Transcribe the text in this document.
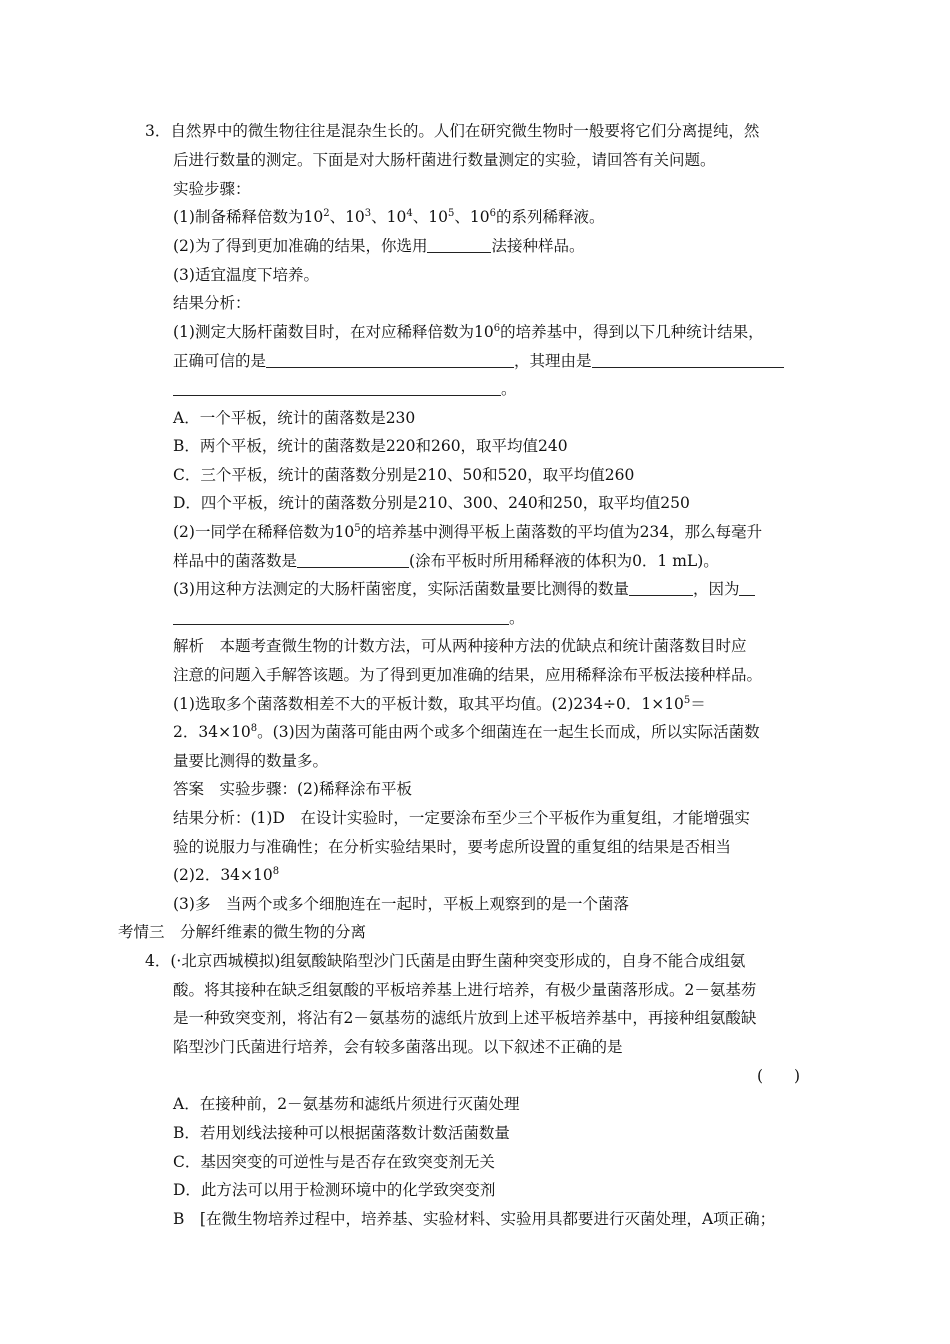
3．自然界中的微生物往往是混杂生长的。人们在研究微生物时一般要将它们分离提纯，然
后进行数量的测定。下面是对大肠杆菌进行数量测定的实验，请回答有关问题。
实验步骤：
(1)制备稀释倍数为$10^2$、$10^3$、$10^4$、$10^5$、$10^6$的系列稀释液。
(2)为了得到更加准确的结果，你选用	法接种样品。
(3)适宜温度下培养。
结果分析：
(1)测定大肠杆菌数目时，在对应稀释倍数为$10^6$的培养基中，得到以下几种统计结果，
正确可信的是	，其理由是
。
A．一个平板，统计的菌落数是230
B．两个平板，统计的菌落数是220和260，取平均值240
C．三个平板，统计的菌落数分别是210、50和520，取平均值260
D．四个平板，统计的菌落数分别是210、300、240和250，取平均值250
(2)一同学在稀释倍数为$10^5$的培养基中测得平板上菌落数的平均值为234，那么每毫升
样品中的菌落数是	(涂布平板时所用稀释液的体积为0．1 mL)。
(3)用这种方法测定的大肠杆菌密度，实际活菌数量要比测得的数量	，因为
。
解析　本题考查微生物的计数方法，可从两种接种方法的优缺点和统计菌落数目时应
注意的问题入手解答该题。为了得到更加准确的结果，应用稀释涂布平板法接种样品。
(1)选取多个菌落数相差不大的平板计数，取其平均值。(2)234÷0．$1\times 10^5=$
2．$34\times 10^8$。(3)因为菌落可能由两个或多个细菌连在一起生长而成，所以实际活菌数
量要比测得的数量多。
答案　实验步骤：(2)稀释涂布平板
结果分析：(1)D　在设计实验时，一定要涂布至少三个平板作为重复组，才能增强实
验的说服力与准确性；在分析实验结果时，要考虑所设置的重复组的结果是否相当
(2)2．$34\times 10^8$
(3)多　当两个或多个细胞连在一起时，平板上观察到的是一个菌落
考情三　分解纤维素的微生物的分离
4．(·北京西城模拟)组氨酸缺陷型沙门氏菌是由野生菌种突变形成的，自身不能合成组氨
酸。将其接种在缺乏组氨酸的平板培养基上进行培养，有极少量菌落形成。2－氨基芴
是一种致突变剂，将沾有2－氨基芴的滤纸片放到上述平板培养基中，再接种组氨酸缺
陷型沙门氏菌进行培养，会有较多菌落出现。以下叙述不正确的是
(　　)
A．在接种前，2－氨基芴和滤纸片须进行灭菌处理
B．若用划线法接种可以根据菌落数计数活菌数量
C．基因突变的可逆性与是否存在致突变剂无关
D．此方法可以用于检测环境中的化学致突变剂
B　[在微生物培养过程中，培养基、实验材料、实验用具都要进行灭菌处理，A项正确；
